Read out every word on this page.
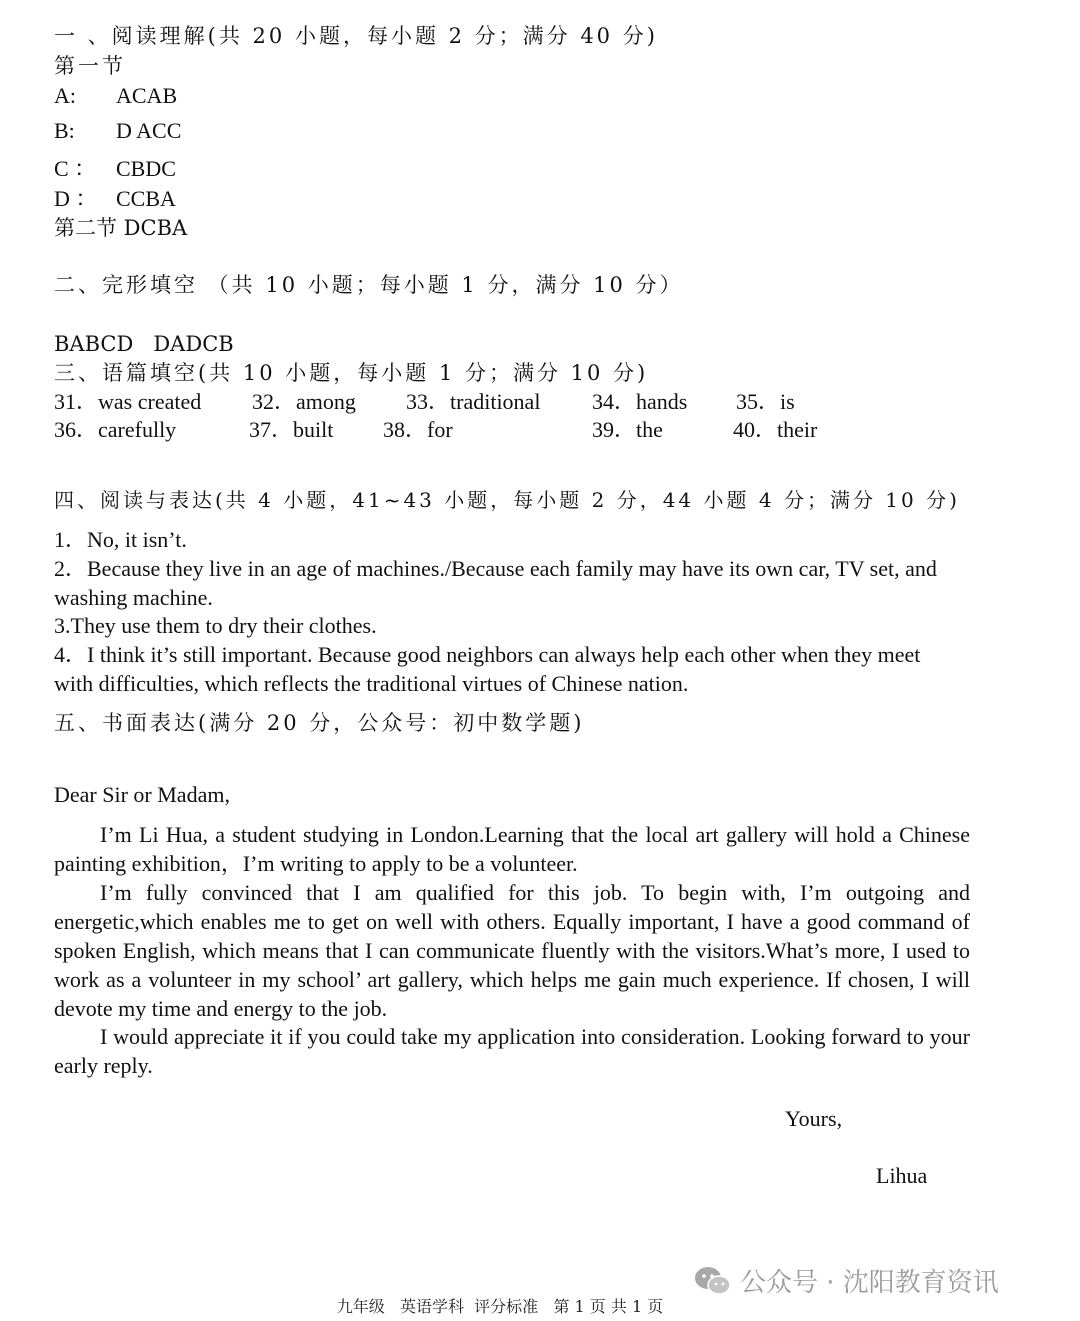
一 、阅读理解(共 20 小题，每小题 2 分；满分 40 分)
第一节
A: ACAB
B: D ACC
C ： CBDC
D ： CCBA
第二节 DCBA
二、完形填空 （共 10 小题；每小题 1 分，满分 10 分）
BABCD   DADCB
三、语篇填空(共 10 小题，每小题 1 分；满分 10 分)
31．was created 32．among 33．traditional 34．hands 35．is
36．carefully	37．built 38．for	39．the	40．their
四、阅读与表达(共 4 小题，41~43 小题，每小题 2 分，44 小题 4 分；满分 10 分)
1．No, it isn’t.
2．Because they live in an age of machines./Because each family may have its own car, TV set, and
washing machine.
3.They use them to dry their clothes.
4．I think it’s still important. Because good neighbors can always help each other when they meet
with difficulties, which reflects the traditional virtues of Chinese nation.
五、书面表达(满分 20 分，公众号：初中数学题)
Dear Sir or Madam,
I’m Li Hua, a student studying in London.Learning that the local art gallery will hold a Chinese painting exhibition，I’m writing to apply to be a volunteer.
I’m fully convinced that I am qualified for this job. To begin with, I’m outgoing and energetic,which enables me to get on well with others. Equally important, I have a good command of spoken English, which means that I can communicate fluently with the visitors.What’s more, I used to work as a volunteer in my school’ art gallery, which helps me gain much experience. If chosen, I will devote my time and energy to the job.
I would appreciate it if you could take my application into consideration. Looking forward to your early reply.
Yours,
Lihua
公众号 · 沈阳教育资讯
九年级   英语学科  评分标准   第 1 页 共 1 页
